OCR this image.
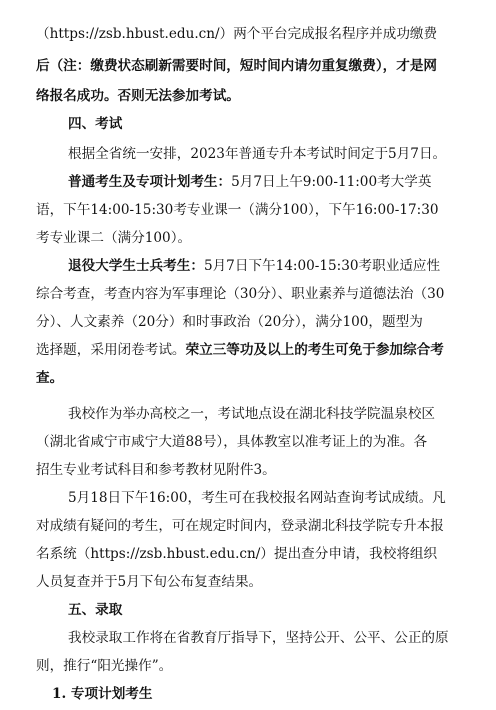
（https://zsb.hbust.edu.cn/）两个平台完成报名程序并成功缴费
后（注：缴费状态刷新需要时间，短时间内请勿重复缴费），才是网
络报名成功。否则无法参加考试。
四、考试
根据全省统一安排，2023年普通专升本考试时间定于5月7日。
普通考生及专项计划考生：5月7日上午9:00-11:00考大学英
语，下午14:00-15:30考专业课一（满分100），下午16:00-17:30
考专业课二（满分100）。
退役大学生士兵考生：5月7日下午14:00-15:30考职业适应性
综合考查，考查内容为军事理论（30分）、职业素养与道德法治（30
分）、人文素养（20分）和时事政治（20分），满分100，题型为
选择题，采用闭卷考试。荣立三等功及以上的考生可免于参加综合考
查。
我校作为举办高校之一，考试地点设在湖北科技学院温泉校区
（湖北省咸宁市咸宁大道88号），具体教室以准考证上的为准。各
招生专业考试科目和参考教材见附件3。
5月18日下午16:00，考生可在我校报名网站查询考试成绩。凡
对成绩有疑问的考生，可在规定时间内，登录湖北科技学院专升本报
名系统（https://zsb.hbust.edu.cn/）提出查分申请，我校将组织
人员复查并于5月下旬公布复查结果。
五、录取
我校录取工作将在省教育厅指导下，坚持公开、公平、公正的原
则，推行“阳光操作”。
1. 专项计划考生
